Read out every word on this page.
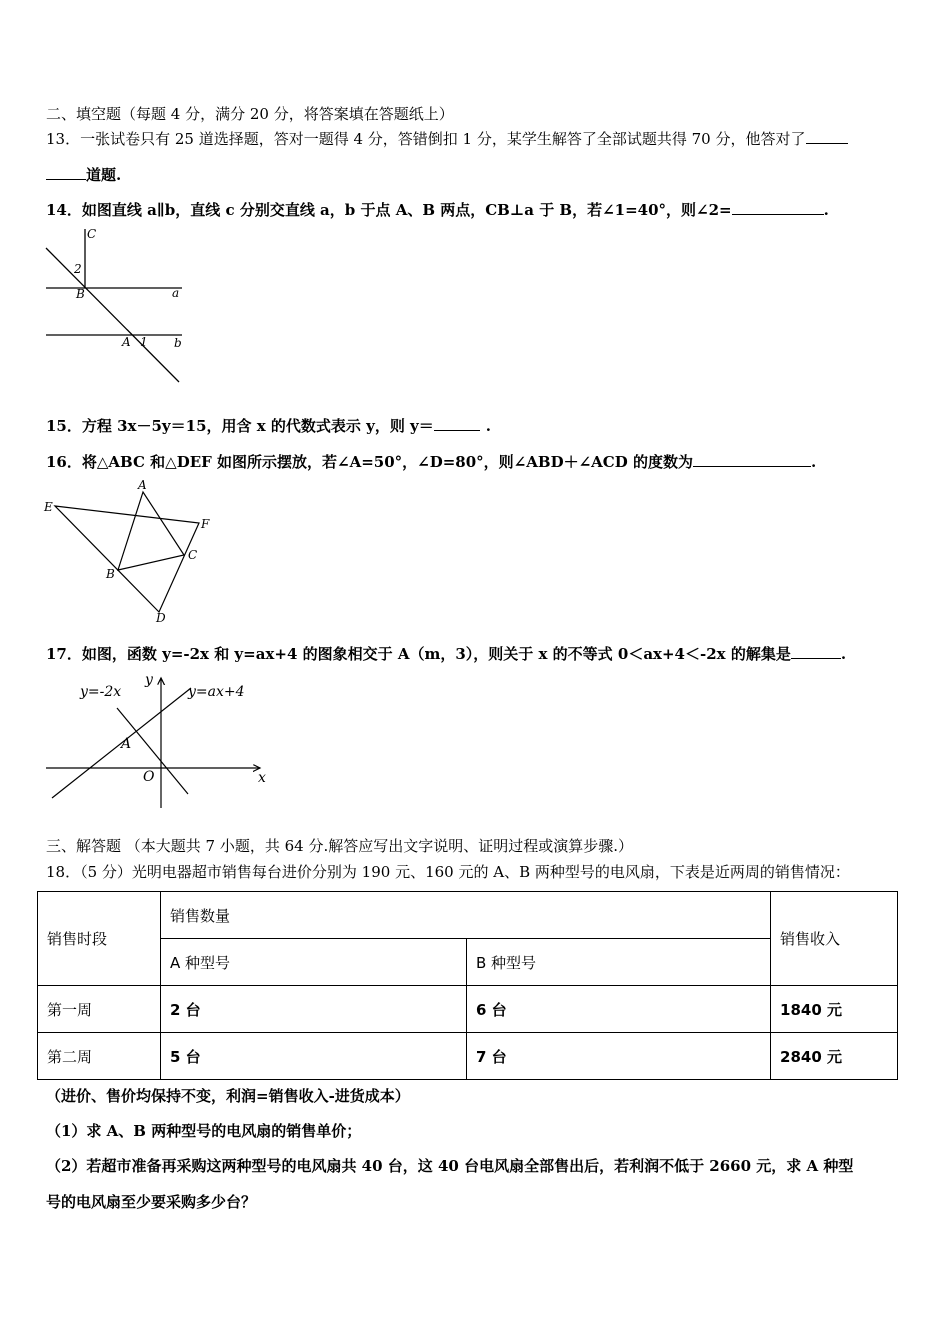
二、填空题（每题 4 分，满分 20 分，将答案填在答题纸上）
13．一张试卷只有 25 道选择题，答对一题得 4 分，答错倒扣 1 分，某学生解答了全部试题共得 70 分，他答对了
道题.
14．如图直线 a∥b，直线 c 分别交直线 a，b 于点 A、B 两点，CB⊥a 于 B，若∠1=40°，则∠2=	.
C
2
B	a
A 1 b
15．方程 3x－5y＝15，用含 x 的代数式表示 y，则 y＝	.
16．将△ABC 和△DEF 如图所示摆放，若∠A=50°，∠D=80°，则∠ABD＋∠ACD 的度数为	.
A
E
F
C
B
D
17．如图，函数 y=-2x 和 y=ax+4 的图象相交于 A（m，3），则关于 x 的不等式 0＜ax+4＜-2x 的解集是	.
y=-2x
y
y=ax+4
A
O	x
三、解答题 （本大题共 7 小题，共 64 分.解答应写出文字说明、证明过程或演算步骤.）
18．（5 分）光明电器超市销售每台进价分别为 190 元、160 元的 A、B 两种型号的电风扇，下表是近两周的销售情况：
销售时段	销售数量		销售收入
	A 种型号	B 种型号	
第一周	2 台	6 台	1840 元
第二周	5 台	7 台	2840 元
（进价、售价均保持不变，利润=销售收入-进货成本）
（1）求 A、B 两种型号的电风扇的销售单价；
（2）若超市准备再采购这两种型号的电风扇共 40 台，这 40 台电风扇全部售出后，若利润不低于 2660 元，求 A 种型
号的电风扇至少要采购多少台？
